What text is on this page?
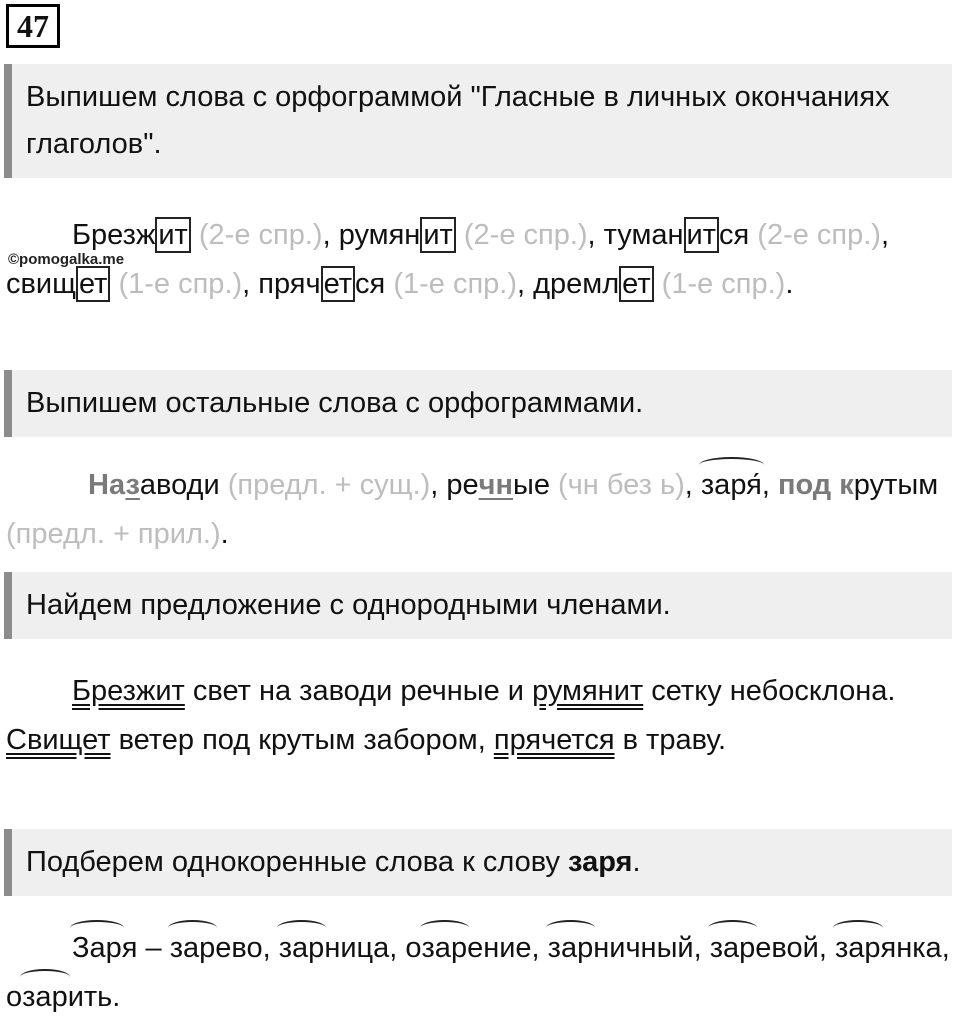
47
Выпишем слова с орфограммой "Гласные в личных окончаниях глаголов".
©pomogalka.me
Брезж ит (2-е спр.), румян ит (2-е спр.), туман ит ся (2-е спр.), свищ ет (1-е спр.), пряч ет ся (1-е спр.), дремл ет (1-е спр.).
Выпишем остальные слова с орфограммами.
Назаводи (предл. + сущ.), речные (чн без ь), заря́, под крутым (предл. + прил.).
Найдем предложение с однородными членами.
Брезжит свет на заводи речные и румянит сетку небосклона. Свищет ветер под крутым забором, прячется в траву.
Подберем однокоренные слова к слову заря.
Заря – зарево, зарница, озарение, зарничный, заревой, зарянка, озарить.
